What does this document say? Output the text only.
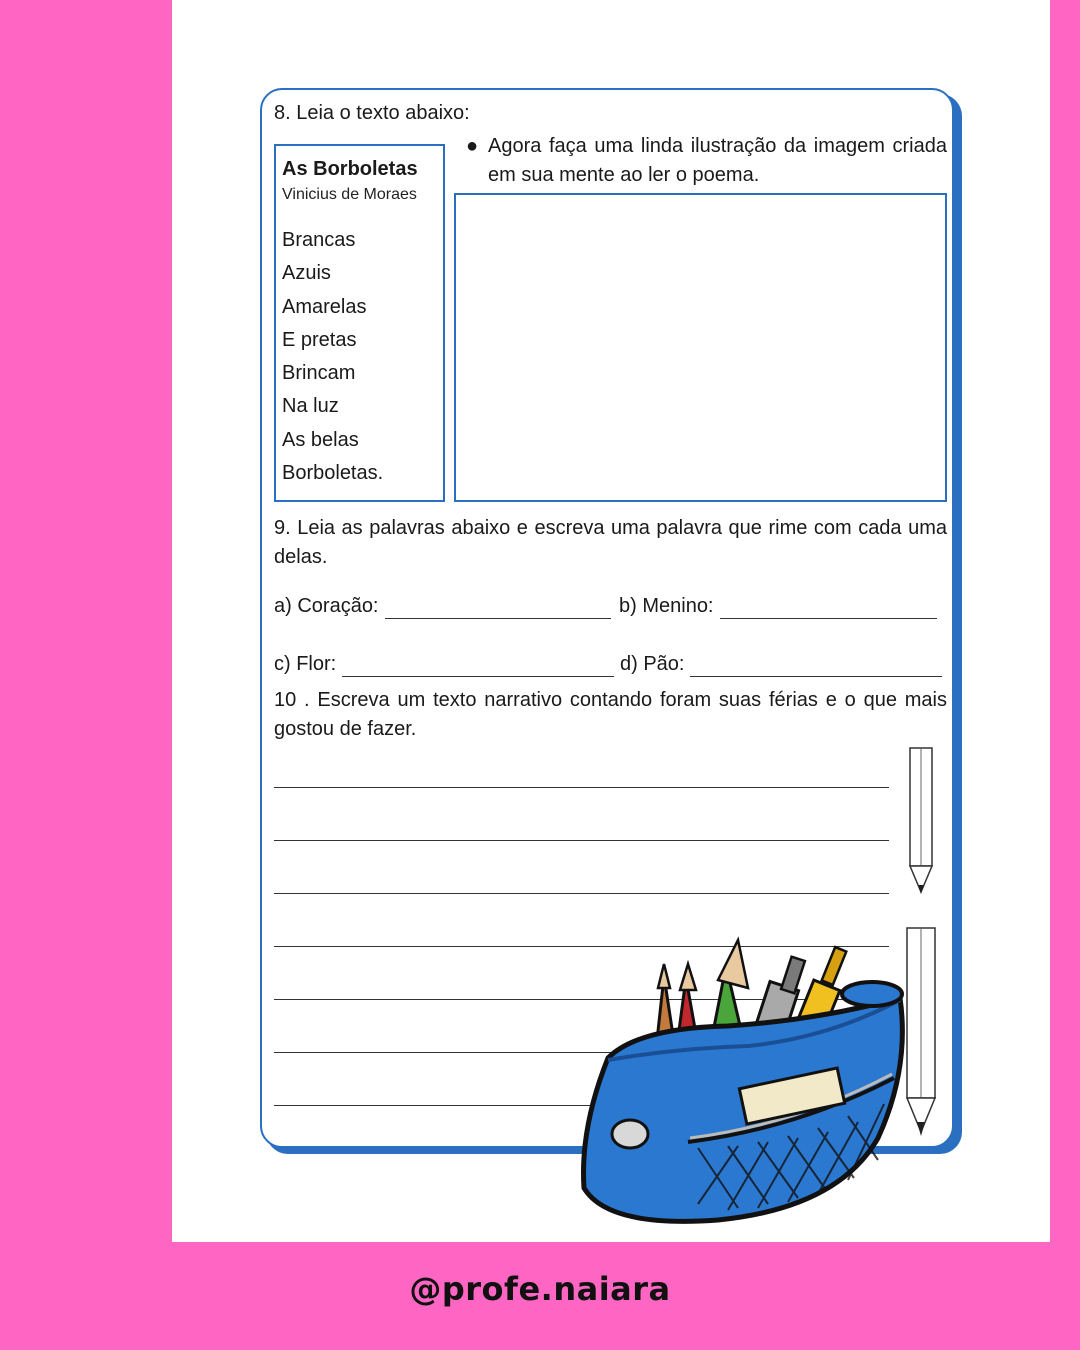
8. Leia o texto abaixo:
As Borboletas
Vinicius de Moraes
Brancas
Azuis
Amarelas
E pretas
Brincam
Na luz
As belas
Borboletas.
● Agora faça uma linda ilustração da imagem criada em sua mente ao ler o poema.
9. Leia as palavras abaixo e escreva uma palavra que rime com cada uma delas.
a) Coração:	b) Menino:
c) Flor:	d) Pão:
10 . Escreva um texto narrativo contando foram suas férias e o que mais gostou de fazer.
@profe.naiara
